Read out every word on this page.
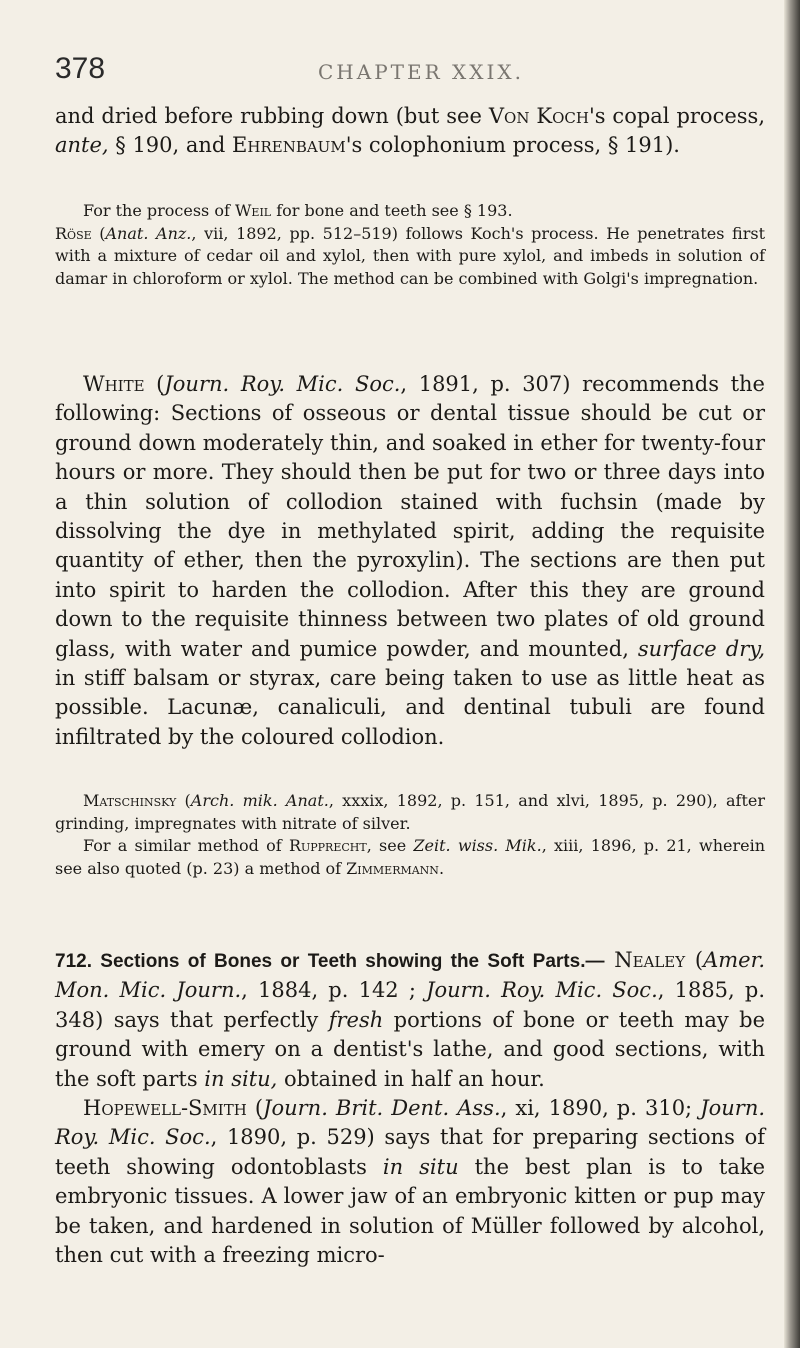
378	CHAPTER XXIX.

and dried before rubbing down (but see Von Koch's copal process, ante, § 190, and Ehrenbaum's colophonium process, § 191).

For the process of Weil for bone and teeth see § 193.

Röse (Anat. Anz., vii, 1892, pp. 512–519) follows Koch's process. He penetrates first with a mixture of cedar oil and xylol, then with pure xylol, and imbeds in solution of damar in chloroform or xylol. The method can be combined with Golgi's impregnation.

White (Journ. Roy. Mic. Soc., 1891, p. 307) recommends the following: Sections of osseous or dental tissue should be cut or ground down moderately thin, and soaked in ether for twenty-four hours or more. They should then be put for two or three days into a thin solution of collodion stained with fuchsin (made by dissolving the dye in methylated spirit, adding the requisite quantity of ether, then the pyroxylin). The sections are then put into spirit to harden the collodion. After this they are ground down to the requisite thinness between two plates of old ground glass, with water and pumice powder, and mounted, surface dry, in stiff balsam or styrax, care being taken to use as little heat as possible. Lacunæ, canaliculi, and dentinal tubuli are found infiltrated by the coloured collodion.

Matschinsky (Arch. mik. Anat., xxxix, 1892, p. 151, and xlvi, 1895, p. 290), after grinding, impregnates with nitrate of silver.

For a similar method of Rupprecht, see Zeit. wiss. Mik., xiii, 1896, p. 21, wherein see also quoted (p. 23) a method of Zimmermann.

712. Sections of Bones or Teeth showing the Soft Parts.— Nealey (Amer. Mon. Mic. Journ., 1884, p. 142 ; Journ. Roy. Mic. Soc., 1885, p. 348) says that perfectly fresh portions of bone or teeth may be ground with emery on a dentist's lathe, and good sections, with the soft parts in situ, obtained in half an hour.

Hopewell-Smith (Journ. Brit. Dent. Ass., xi, 1890, p. 310; Journ. Roy. Mic. Soc., 1890, p. 529) says that for preparing sections of teeth showing odontoblasts in situ the best plan is to take embryonic tissues. A lower jaw of an embryonic kitten or pup may be taken, and hardened in solution of Müller followed by alcohol, then cut with a freezing micro-
